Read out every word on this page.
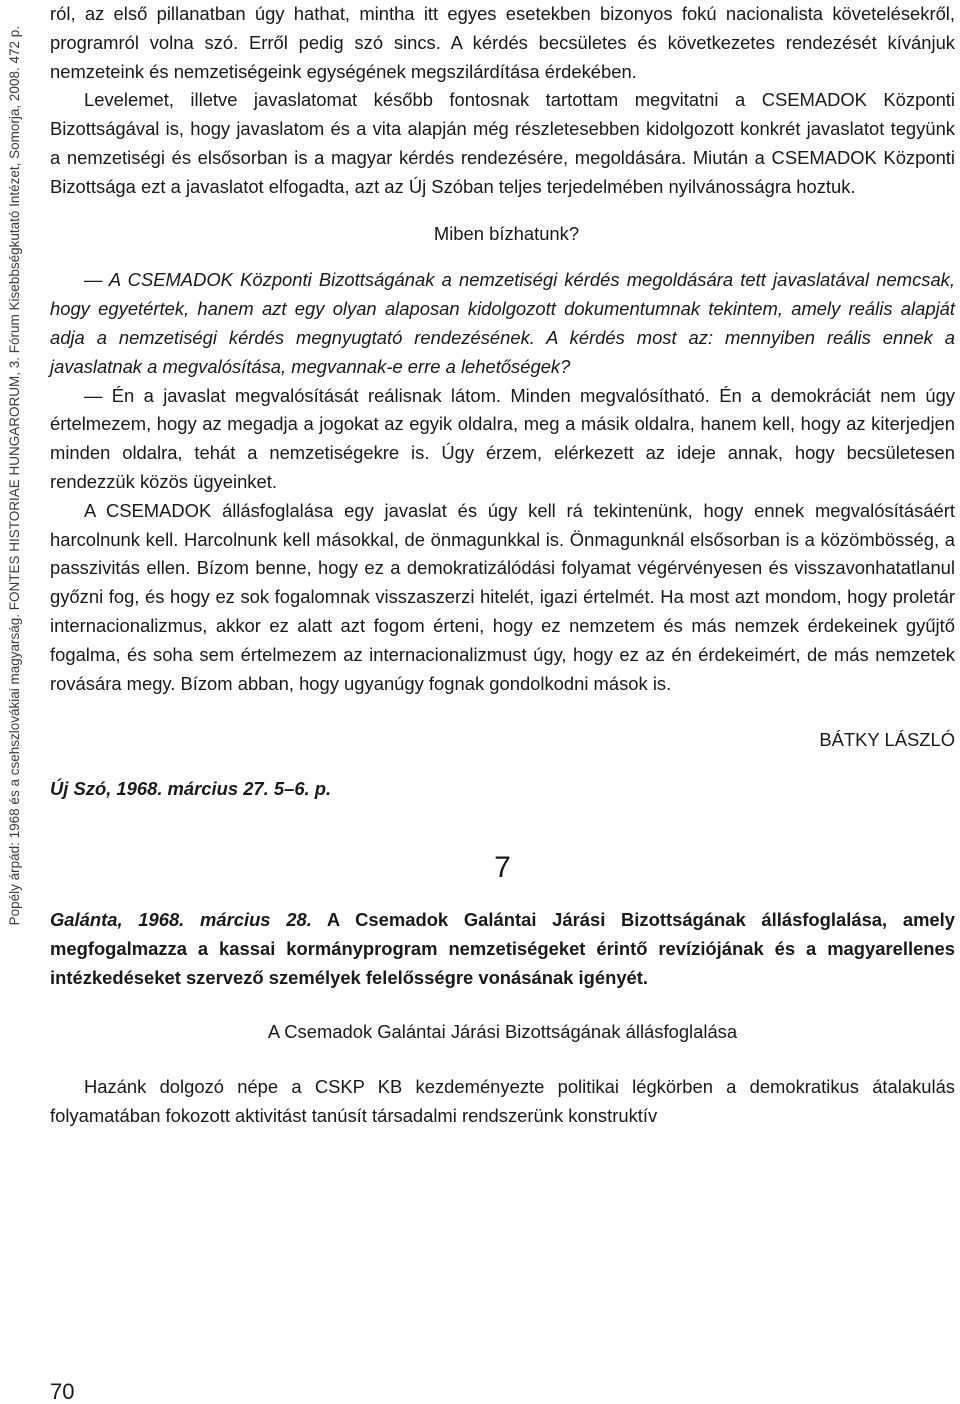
Popély árpád: 1968 és a csehszlovákiai magyarság. FONTES HISTORIAE HUNGARORUM, 3. Fórum Kisebbségkutató Intézet, Somorja, 2008. 472 p.

ról, az első pillanatban úgy hathat, mintha itt egyes esetekben bizonyos fokú nacionalista követelésekről, programról volna szó. Erről pedig szó sincs. A kérdés becsületes és következetes rendezését kívánjuk nemzeteink és nemzetiségeink egységének megszilárdítása érdekében.

Levelemet, illetve javaslatomat később fontosnak tartottam megvitatni a CSEMADOK Központi Bizottságával is, hogy javaslatom és a vita alapján még részletesebben kidolgozott konkrét javaslatot tegyünk a nemzetiségi és elsősorban is a magyar kérdés rendezésére, megoldására. Miután a CSEMADOK Központi Bizottsága ezt a javaslatot elfogadta, azt az Új Szóban teljes terjedelmében nyilvánosságra hoztuk.

Miben bízhatunk?

— A CSEMADOK Központi Bizottságának a nemzetiségi kérdés megoldására tett javaslatával nemcsak, hogy egyetértek, hanem azt egy olyan alaposan kidolgozott dokumentumnak tekintem, amely reális alapját adja a nemzetiségi kérdés megnyugtató rendezésének. A kérdés most az: mennyiben reális ennek a javaslatnak a megvalósítása, megvannak-e erre a lehetőségek?

— Én a javaslat megvalósítását reálisnak látom. Minden megvalósítható. Én a demokráciát nem úgy értelmezem, hogy az megadja a jogokat az egyik oldalra, meg a másik oldalra, hanem kell, hogy az kiterjedjen minden oldalra, tehát a nemzetiségekre is. Úgy érzem, elérkezett az ideje annak, hogy becsületesen rendezzük közös ügyeinket.

A CSEMADOK állásfoglalása egy javaslat és úgy kell rá tekintenünk, hogy ennek megvalósításáért harcolnunk kell. Harcolnunk kell másokkal, de önmagunkkal is. Önmagunknál elsősorban is a közömbösség, a passzivitás ellen. Bízom benne, hogy ez a demokratizálódási folyamat végérvényesen és visszavonhatatlanul győzni fog, és hogy ez sok fogalomnak visszaszerzi hitelét, igazi értelmét. Ha most azt mondom, hogy proletár internacionalizmus, akkor ez alatt azt fogom érteni, hogy ez nemzetem és más nemzek érdekeinek gyűjtő fogalma, és soha sem értelmezem az internacionalizmust úgy, hogy ez az én érdekeimért, de más nemzetek rovására megy. Bízom abban, hogy ugyanúgy fognak gondolkodni mások is.

BÁTKY LÁSZLÓ

Új Szó, 1968. március 27. 5–6. p.

7

Galánta, 1968. március 28. A Csemadok Galántai Járási Bizottságának állásfoglalása, amely megfogalmazza a kassai kormányprogram nemzetiségeket érintő revíziójának és a magyarellenes intézkedéseket szervező személyek felelősségre vonásának igényét.

A Csemadok Galántai Járási Bizottságának állásfoglalása

Hazánk dolgozó népe a CSKP KB kezdeményezte politikai légkörben a demokratikus átalakulás folyamatában fokozott aktivitást tanúsít társadalmi rendszerünk konstruktív

70
